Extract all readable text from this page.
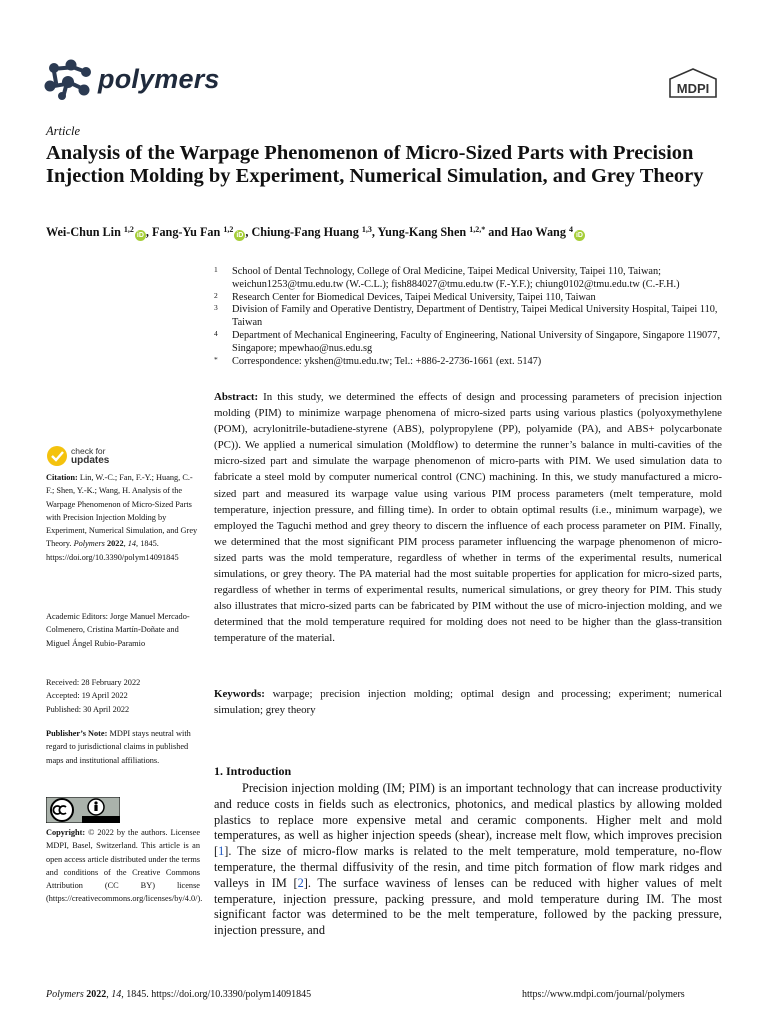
polymers	MDPI
Article
Analysis of the Warpage Phenomenon of Micro-Sized Parts with Precision Injection Molding by Experiment, Numerical Simulation, and Grey Theory
Wei-Chun Lin $^{1,2}$iD , Fang-Yu Fan $^{1,2}$iD , Chiung-Fang Huang $^{1,3}$, Yung-Kang Shen $^{1,2,*}$ and Hao Wang $^4$iD
1 School of Dental Technology, College of Oral Medicine, Taipei Medical University, Taipei 110, Taiwan; weichun1253@tmu.edu.tw (W.-C.L.); fish884027@tmu.edu.tw (F.-Y.F.); chiung0102@tmu.edu.tw (C.-F.H.)
2 Research Center for Biomedical Devices, Taipei Medical University, Taipei 110, Taiwan
3 Division of Family and Operative Dentistry, Department of Dentistry, Taipei Medical University Hospital, Taipei 110, Taiwan
4 Department of Mechanical Engineering, Faculty of Engineering, National University of Singapore, Singapore 119077, Singapore; mpewhao@nus.edu.sg
* Correspondence: ykshen@tmu.edu.tw; Tel.: +886-2-2736-1661 (ext. 5147)
Abstract: In this study, we determined the effects of design and processing parameters of precision injection molding (PIM) to minimize warpage phenomena of micro-sized parts using various plastics (polyoxymethylene (POM), acrylonitrile-butadiene-styrene (ABS), polypropylene (PP), polyamide (PA), and ABS+ polycarbonate (PC)). We applied a numerical simulation (Moldflow) to determine the runner’s balance in multi-cavities of the micro-sized part and simulate the warpage phenomenon of micro-parts with PIM. We used simulation data to fabricate a steel mold by computer numerical control (CNC) machining. In this, we study manufactured a micro-sized part and measured its warpage value using various PIM process parameters (melt temperature, mold temperature, injection pressure, and filling time). In order to obtain optimal results (i.e., minimum warpage), we employed the Taguchi method and grey theory to discern the influence of each process parameter on PIM. Finally, we determined that the most significant PIM process parameter influencing the warpage phenomenon of micro-sized parts was the mold temperature, regardless of whether in terms of the experimental results, numerical simulations, or grey theory. The PA material had the most suitable properties for application for micro-sized parts, regardless of whether in terms of experimental results, numerical simulations, or grey theory for PIM. This study also illustrates that micro-sized parts can be fabricated by PIM without the use of micro-injection molding, and we determined that the mold temperature required for molding does not need to be higher than the glass-transition temperature of the material.
Keywords: warpage; precision injection molding; optimal design and processing; experiment; numerical simulation; grey theory
1. Introduction

Precision injection molding (IM; PIM) is an important technology that can increase productivity and reduce costs in fields such as electronics, photonics, and medical plastics by allowing molded plastics to replace more expensive metal and ceramic components. Higher melt and mold temperatures, as well as higher injection speeds (shear), increase melt flow, which improves precision [1]. The size of micro-flow marks is related to the melt temperature, mold temperature, no-flow temperature, the thermal diffusivity of the resin, and time pitch formation of flow mark ridges and valleys in IM [2]. The surface waviness of lenses can be reduced with higher values of melt temperature, injection pressure, packing pressure, and mold temperature during IM. The most significant factor was determined to be the melt temperature, followed by the packing pressure, injection pressure, and

check for
updates
Citation: Lin, W.-C.; Fan, F.-Y.; Huang, C.-F.; Shen, Y.-K.; Wang, H. Analysis of the Warpage Phenomenon of Micro-Sized Parts with Precision Injection Molding by Experiment, Numerical Simulation, and Grey Theory. Polymers 2022, 14, 1845. https://doi.org/10.3390/polym14091845
Academic Editors: Jorge Manuel Mercado-Colmenero, Cristina Martín-Doñate and Miguel Ángel Rubio-Paramio
Received: 28 February 2022
Accepted: 19 April 2022
Published: 30 April 2022
Publisher’s Note: MDPI stays neutral with regard to jurisdictional claims in published maps and institutional affiliations.
Copyright: © 2022 by the authors. Licensee MDPI, Basel, Switzerland. This article is an open access article distributed under the terms and conditions of the Creative Commons Attribution (CC BY) license (https://creativecommons.org/licenses/by/4.0/).
Polymers 2022, 14, 1845. https://doi.org/10.3390/polym14091845	https://www.mdpi.com/journal/polymers
